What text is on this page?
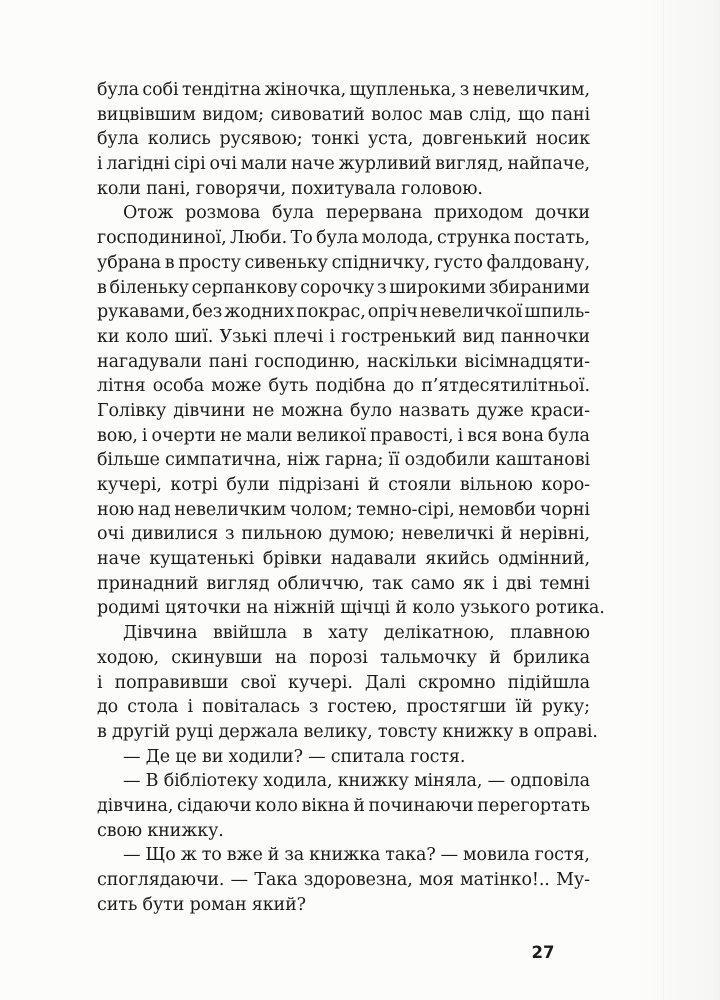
була собі тендітна жіночка, щупленька, з невеличким,
вицвівшим видом; сивоватий волос мав слід, що пані
була колись русявою; тонкі уста, довгенький носик
і лагідні сірі очі мали наче журливий вигляд, найпаче,
коли пані, говорячи, похитувала головою.
Отож розмова була перервана приходом дочки
господининої, Люби. То була молода, струнка постать,
убрана в просту сивеньку спідничку, густо фалдовану,
в біленьку серпанкову сорочку з широкими збираними
рукавами, без жодних покрас, опріч невеличкої шпиль-
ки коло шиї. Узькі плечі і гостренький вид панночки
нагадували пані господиню, наскільки вісімнадцяти-
літня особа може буть подібна до п’ятдесятилітньої.
Голівку дівчини не можна було назвать дуже краси-
вою, і очерти не мали великої правості, і вся вона була
більше симпатична, ніж гарна; її оздобили каштанові
кучері, котрі були підрізані й стояли вільною коро-
ною над невеличким чолом; темно-сірі, немовби чорні
очі дивилися з пильною думою; невеличкі й нерівні,
наче кущатенькі брівки надавали якийсь одмінний,
принадний вигляд обличчю, так само як і дві темні
родимі цяточки на ніжній щічці й коло узького ротика.
Дівчина ввійшла в хату делікатною, плавною
ходою, скинувши на порозі тальмочку й брилика
і поправивши свої кучері. Далі скромно підійшла
до стола і повіталась з гостею, простягши їй руку;
в другій руці держала велику, товсту книжку в оправі.
— Де це ви ходили? — спитала гостя.
— В бібліотеку ходила, книжку міняла, — одповіла
дівчина, сідаючи коло вікна й починаючи перегортать
свою книжку.
— Що ж то вже й за книжка така? — мовила гостя,
споглядаючи. — Така здоровезна, моя матінко!.. Му-
сить бути роман який?
27
